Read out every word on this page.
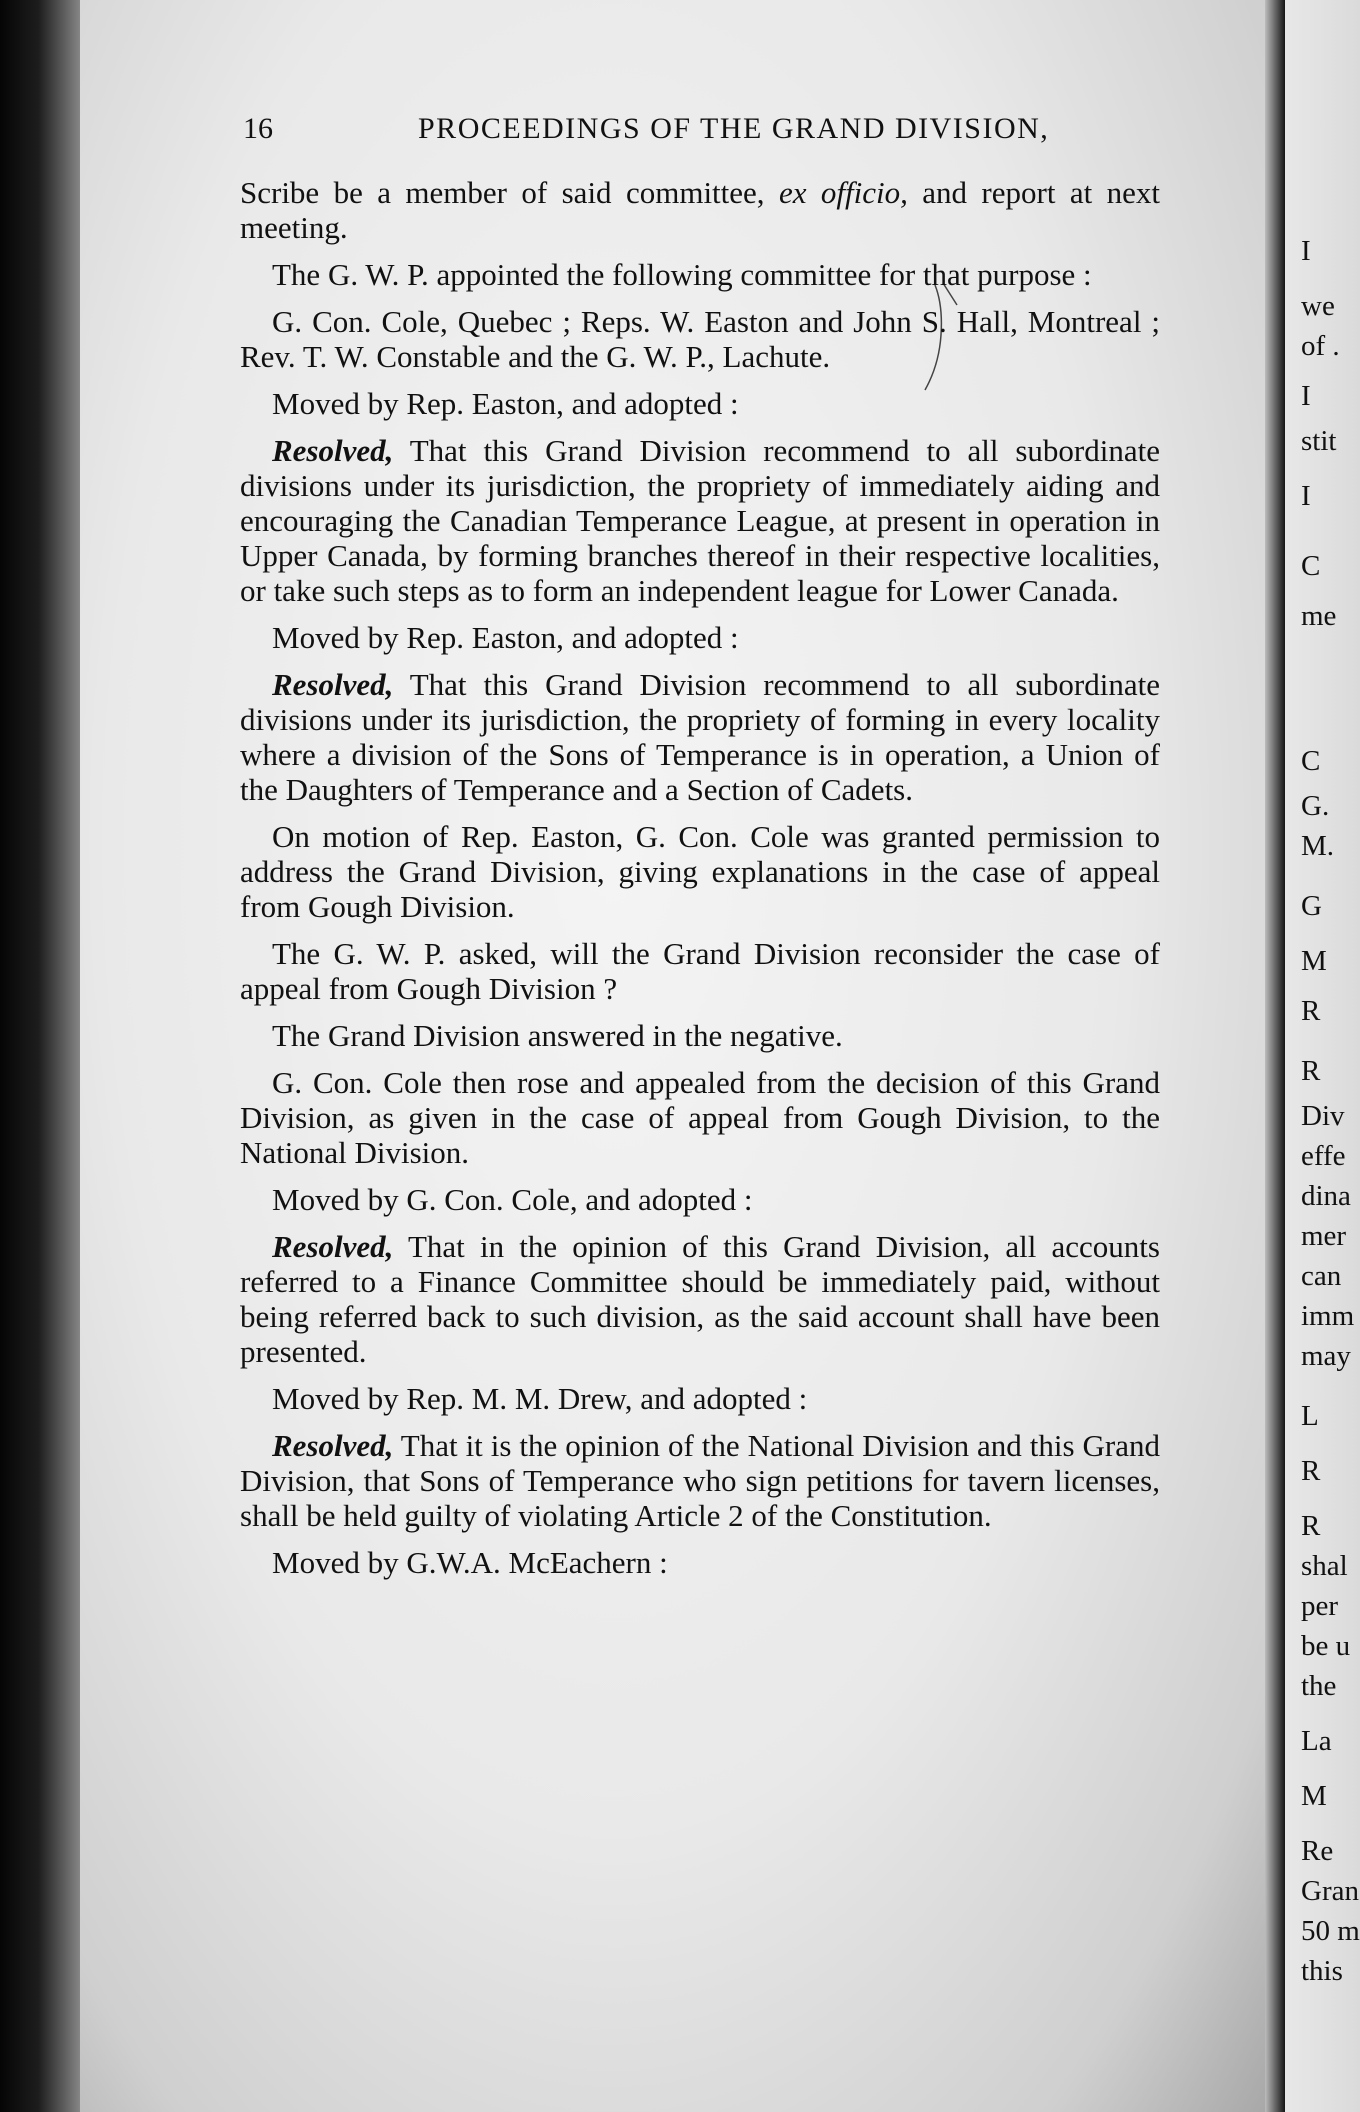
I
we
of .
I
stit
I
C
me
C
G.
M.
G
M
R
R
Div
effe
dina
mer
can
imm
may
L
R
R
shal
per
be u
the
La
M
Re
Gran
50 m
this
16	PROCEEDINGS OF THE GRAND DIVISION,

Scribe be a member of said committee, ex officio, and report at next meeting.

The G. W. P. appointed the following committee for that purpose :

G. Con. Cole, Quebec ; Reps. W. Easton and John S. Hall, Montreal ; Rev. T. W. Constable and the G. W. P., Lachute.

Moved by Rep. Easton, and adopted :

Resolved, That this Grand Division recommend to all subordinate divisions under its jurisdiction, the propriety of immediately aiding and encouraging the Canadian Temperance League, at present in operation in Upper Canada, by forming branches thereof in their respective localities, or take such steps as to form an independent league for Lower Canada.

Moved by Rep. Easton, and adopted :

Resolved, That this Grand Division recommend to all subordinate divisions under its jurisdiction, the propriety of forming in every locality where a division of the Sons of Temperance is in operation, a Union of the Daughters of Temperance and a Section of Cadets.

On motion of Rep. Easton, G. Con. Cole was granted permission to address the Grand Division, giving explanations in the case of appeal from Gough Division.

The G. W. P. asked, will the Grand Division reconsider the case of appeal from Gough Division ?

The Grand Division answered in the negative.

G. Con. Cole then rose and appealed from the decision of this Grand Division, as given in the case of appeal from Gough Division, to the National Division.

Moved by G. Con. Cole, and adopted :

Resolved, That in the opinion of this Grand Division, all accounts referred to a Finance Committee should be immediately paid, without being referred back to such division, as the said account shall have been presented.

Moved by Rep. M. M. Drew, and adopted :

Resolved, That it is the opinion of the National Division and this Grand Division, that Sons of Temperance who sign petitions for tavern licenses, shall be held guilty of violating Article 2 of the Constitution.

Moved by G.W.A. McEachern :
